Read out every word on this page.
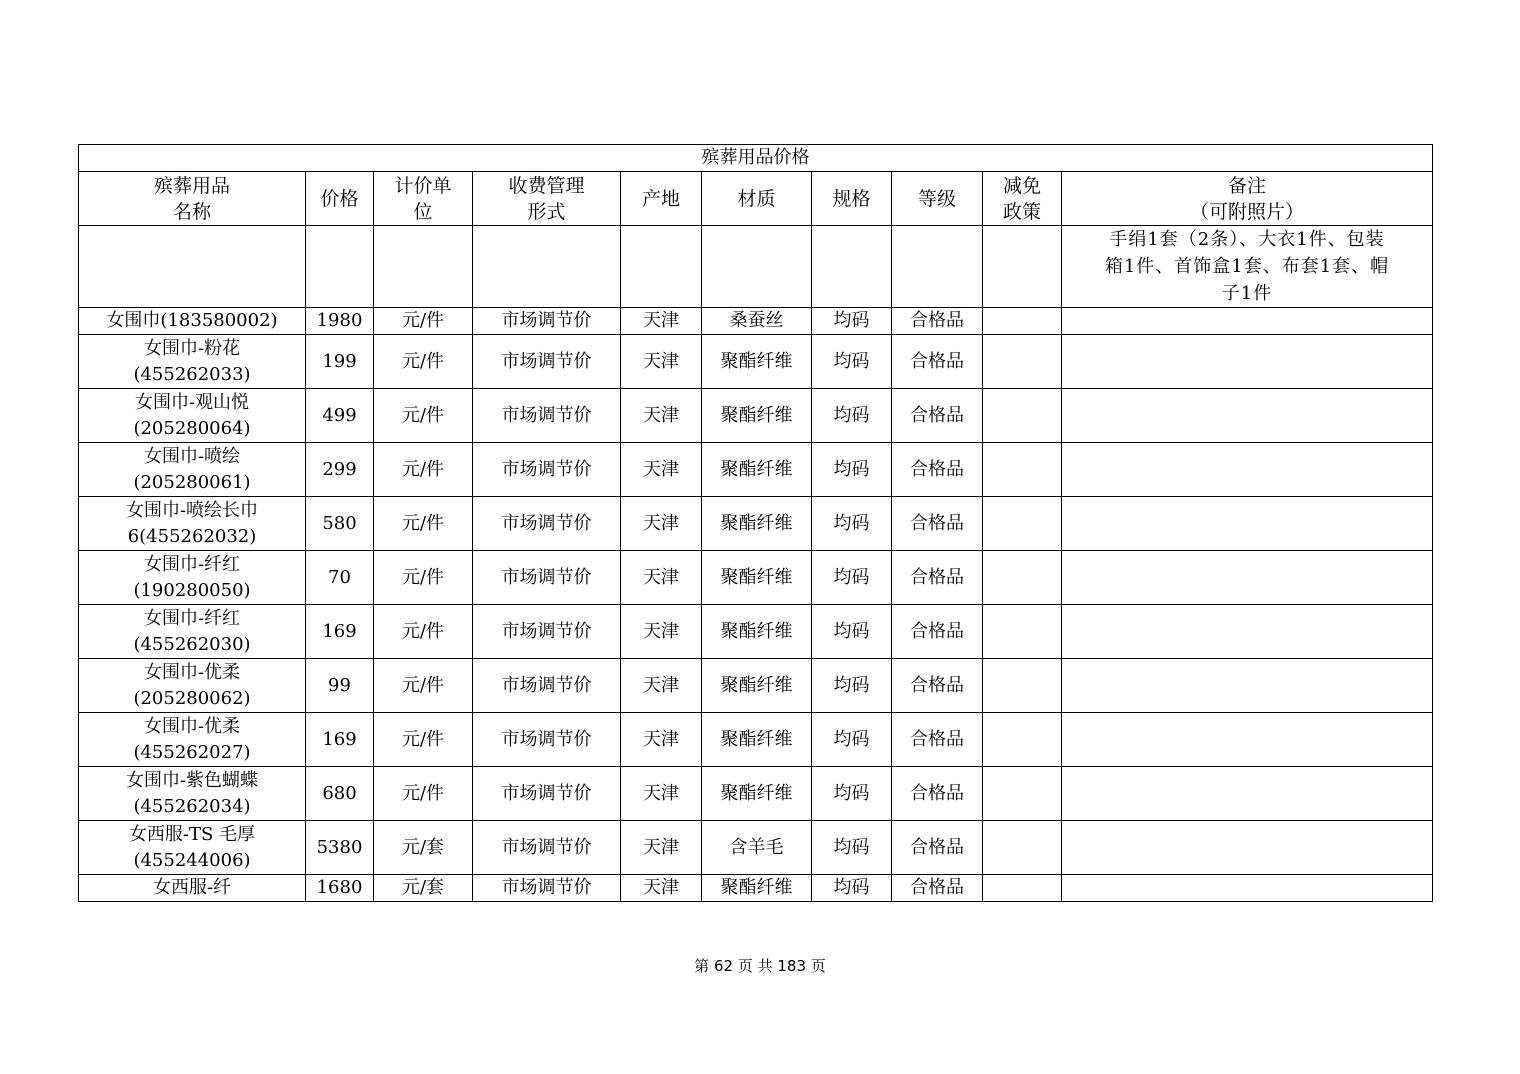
殡葬用品价格									
殡葬用品
名称	价格	计价单
位	收费管理
形式	产地	材质	规格	等级	减免
政策	备注
（可附照片）
									手绢1套（2条）、大衣1件、包装
箱1件、首饰盒1套、布套1套、帽
子1件
女围巾(183580002)	1980	元/件	市场调节价	天津	桑蚕丝	均码	合格品		
女围巾-粉花
(455262033)	199	元/件	市场调节价	天津	聚酯纤维	均码	合格品		
女围巾-观山悦
(205280064)	499	元/件	市场调节价	天津	聚酯纤维	均码	合格品		
女围巾-喷绘
(205280061)	299	元/件	市场调节价	天津	聚酯纤维	均码	合格品		
女围巾-喷绘长巾
6(455262032)	580	元/件	市场调节价	天津	聚酯纤维	均码	合格品		
女围巾-纤红
(190280050)	70	元/件	市场调节价	天津	聚酯纤维	均码	合格品		
女围巾-纤红
(455262030)	169	元/件	市场调节价	天津	聚酯纤维	均码	合格品		
女围巾-优柔
(205280062)	99	元/件	市场调节价	天津	聚酯纤维	均码	合格品		
女围巾-优柔
(455262027)	169	元/件	市场调节价	天津	聚酯纤维	均码	合格品		
女围巾-紫色蝴蝶
(455262034)	680	元/件	市场调节价	天津	聚酯纤维	均码	合格品		
女西服-TS 毛厚
(455244006)	5380	元/套	市场调节价	天津	含羊毛	均码	合格品		
女西服-纤	1680	元/套	市场调节价	天津	聚酯纤维	均码	合格品		
第 62 页 共 183 页
